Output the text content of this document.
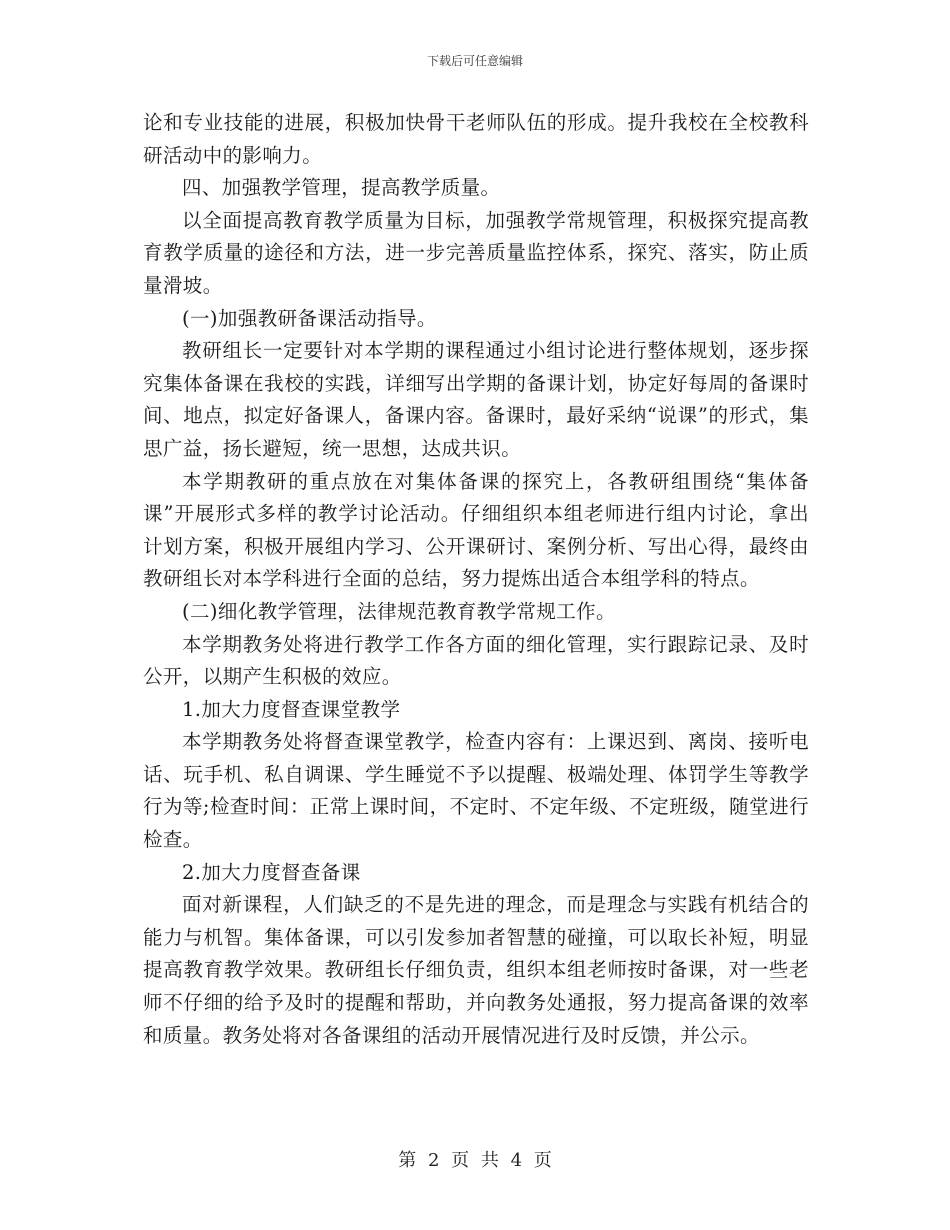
下载后可任意编辑

论和专业技能的进展，积极加快骨干老师队伍的形成。提升我校在全校教科研活动中的影响力。

四、加强教学管理，提高教学质量。

以全面提高教育教学质量为目标，加强教学常规管理，积极探究提高教育教学质量的途径和方法，进一步完善质量监控体系，探究、落实，防止质量滑坡。

(一)加强教研备课活动指导。

教研组长一定要针对本学期的课程通过小组讨论进行整体规划，逐步探究集体备课在我校的实践，详细写出学期的备课计划，协定好每周的备课时间、地点，拟定好备课人，备课内容。备课时，最好采纳“说课”的形式，集思广益，扬长避短，统一思想，达成共识。

本学期教研的重点放在对集体备课的探究上，各教研组围绕“集体备课”开展形式多样的教学讨论活动。仔细组织本组老师进行组内讨论，拿出计划方案，积极开展组内学习、公开课研讨、案例分析、写出心得，最终由教研组长对本学科进行全面的总结，努力提炼出适合本组学科的特点。

(二)细化教学管理，法律规范教育教学常规工作。

本学期教务处将进行教学工作各方面的细化管理，实行跟踪记录、及时公开，以期产生积极的效应。

1.加大力度督查课堂教学

本学期教务处将督查课堂教学，检查内容有：上课迟到、离岗、接听电话、玩手机、私自调课、学生睡觉不予以提醒、极端处理、体罚学生等教学行为等;检查时间：正常上课时间，不定时、不定年级、不定班级，随堂进行检查。

2.加大力度督查备课

面对新课程，人们缺乏的不是先进的理念，而是理念与实践有机结合的能力与机智。集体备课，可以引发参加者智慧的碰撞，可以取长补短，明显提高教育教学效果。教研组长仔细负责，组织本组老师按时备课，对一些老师不仔细的给予及时的提醒和帮助，并向教务处通报，努力提高备课的效率和质量。教务处将对各备课组的活动开展情况进行及时反馈，并公示。

第 2 页 共 4 页
